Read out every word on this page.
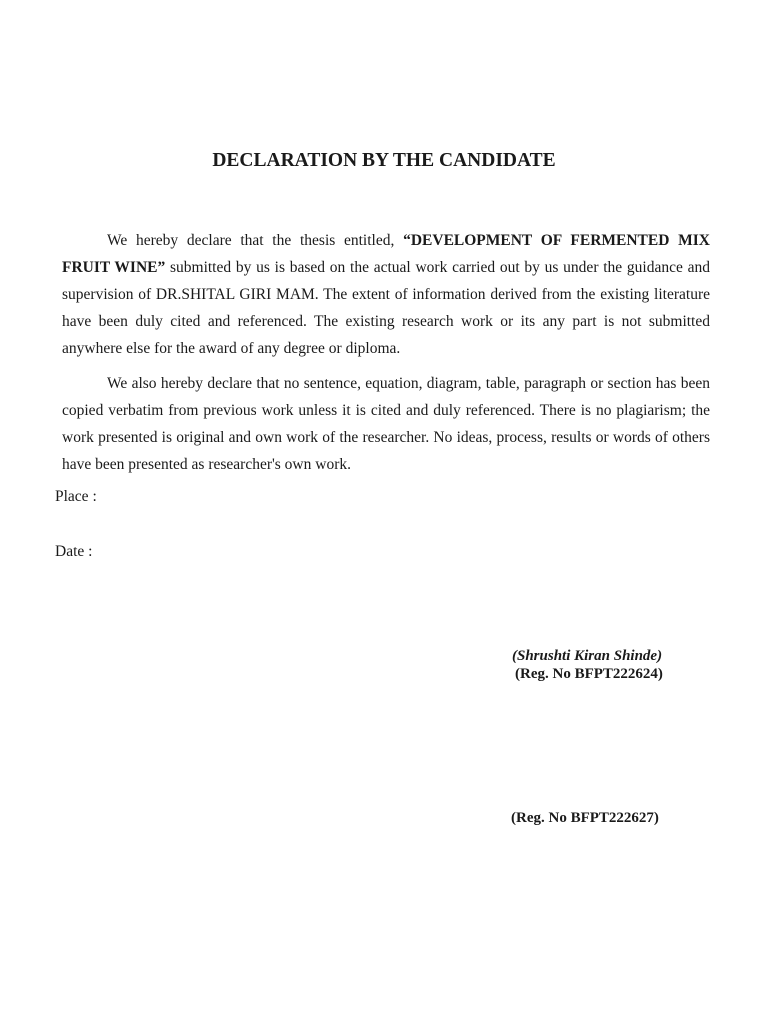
DECLARATION BY THE CANDIDATE

We hereby declare that the thesis entitled, “DEVELOPMENT OF FERMENTED MIX FRUIT WINE” submitted by us is based on the actual work carried out by us under the guidance and supervision of DR.SHITAL GIRI MAM. The extent of information derived from the existing literature have been duly cited and referenced. The existing research work or its any part is not submitted anywhere else for the award of any degree or diploma.

We also hereby declare that no sentence, equation, diagram, table, paragraph or section has been copied verbatim from previous work unless it is cited and duly referenced. There is no plagiarism; the work presented is original and own work of the researcher. No ideas, process, results or words of others have been presented as researcher's own work.

Place :
Date :
(Shrushti Kiran Shinde)
(Reg. No BFPT222624)
(Reg. No BFPT222627)
